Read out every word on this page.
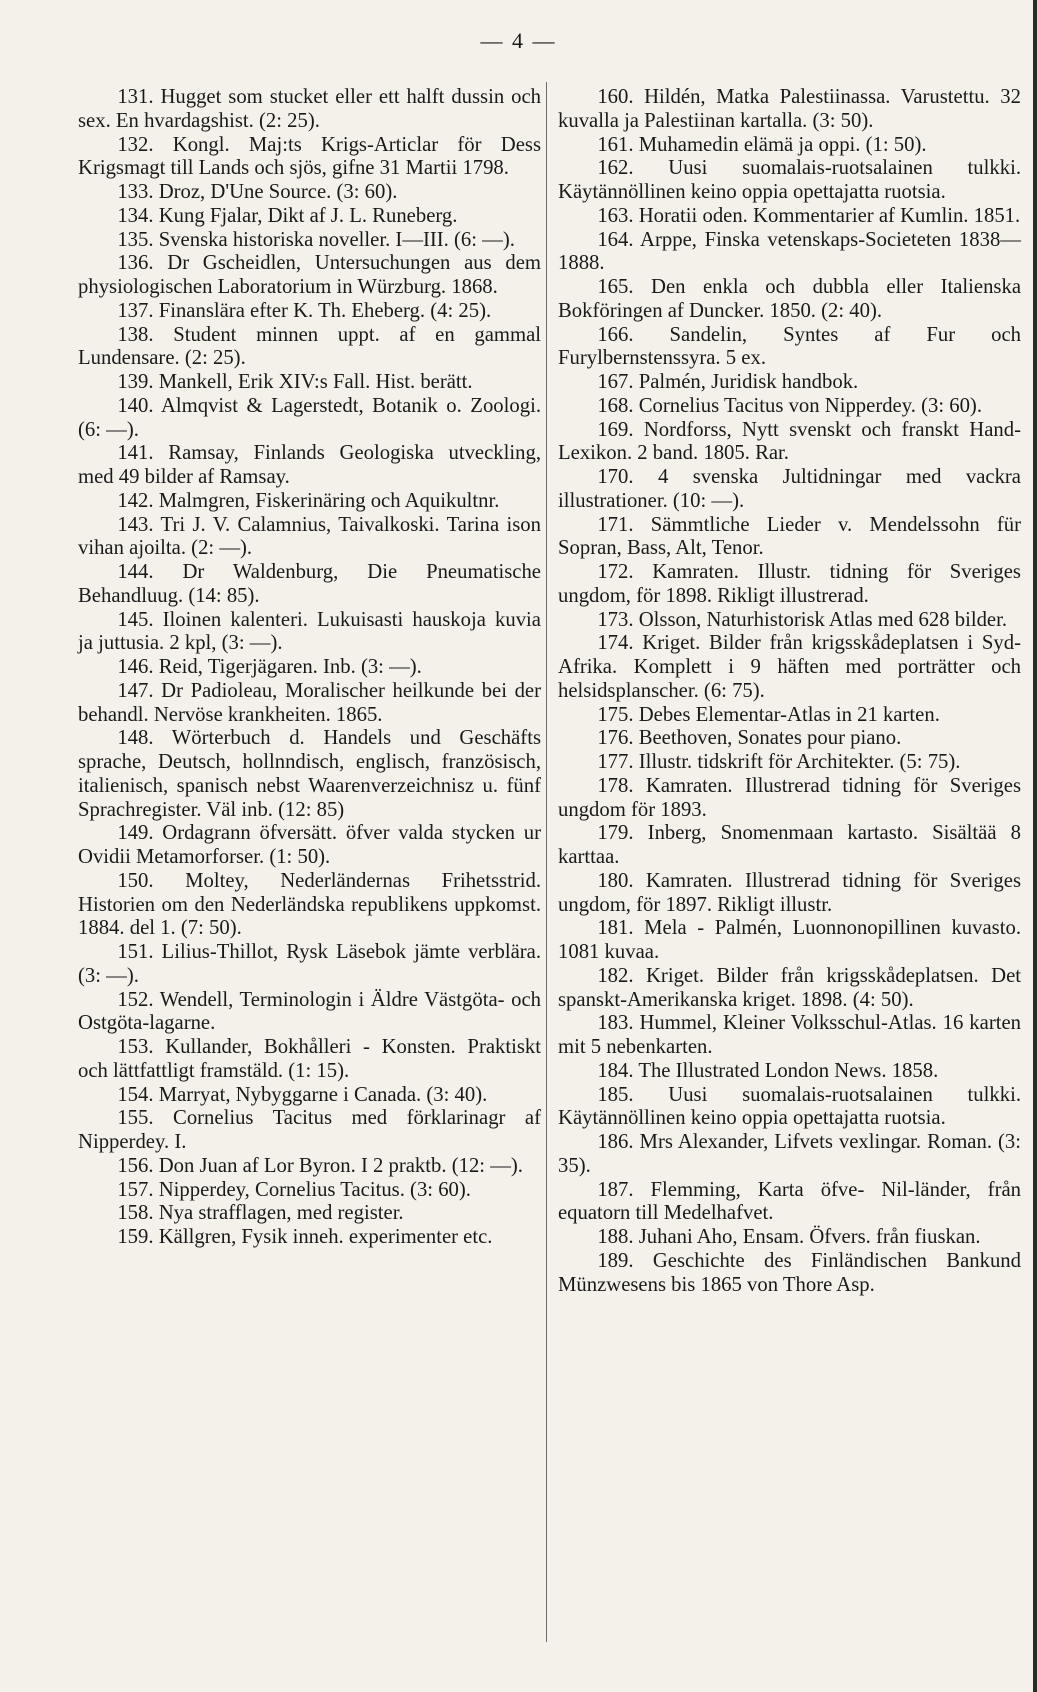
— 4 —

131. Hugget som stucket eller ett halft dussin och sex. En hvardagshist. (2: 25).

132. Kongl. Maj:ts Krigs-Articlar för Dess Krigsmagt till Lands och sjös, gifne 31 Martii 1798.

133. Droz, D'Une Source. (3: 60).

134. Kung Fjalar, Dikt af J. L. Runeberg.

135. Svenska historiska noveller. I—III. (6: —).

136. Dr Gscheidlen, Untersuchungen aus dem physiologischen Laboratorium in Würzburg. 1868.

137. Finanslära efter K. Th. Eheberg. (4: 25).

138. Student minnen uppt. af en gammal Lundensare. (2: 25).

139. Mankell, Erik XIV:s Fall. Hist. berätt.

140. Almqvist & Lagerstedt, Botanik o. Zoologi. (6: —).

141. Ramsay, Finlands Geologiska utveckling, med 49 bilder af Ramsay.

142. Malmgren, Fiskerinäring och Aquikultnr.

143. Tri J. V. Calamnius, Taivalkoski. Tarina ison vihan ajoilta. (2: —).

144. Dr Waldenburg, Die Pneumatische Behandluug. (14: 85).

145. Iloinen kalenteri. Lukuisasti hauskoja kuvia ja juttusia. 2 kpl, (3: —).

146. Reid, Tigerjägaren. Inb. (3: —).

147. Dr Padioleau, Moralischer heilkunde bei der behandl. Nervöse krankheiten. 1865.

148. Wörterbuch d. Handels und Geschäfts sprache, Deutsch, hollnndisch, englisch, französisch, italienisch, spanisch nebst Waarenverzeichnisz u. fünf Sprachregister. Väl inb. (12: 85)

149. Ordagrann öfversätt. öfver valda stycken ur Ovidii Metamorforser. (1: 50).

150. Moltey, Nederländernas Frihetsstrid. Historien om den Nederländska republikens uppkomst. 1884. del 1. (7: 50).

151. Lilius-Thillot, Rysk Läsebok jämte verblära. (3: —).

152. Wendell, Terminologin i Äldre Västgöta- och Ostgöta-lagarne.

153. Kullander, Bokhålleri - Konsten. Praktiskt och lättfattligt framstäld. (1: 15).

154. Marryat, Nybyggarne i Canada. (3: 40).

155. Cornelius Tacitus med förklarinagr af Nipperdey. I.

156. Don Juan af Lor Byron. I 2 praktb. (12: —).

157. Nipperdey, Cornelius Tacitus. (3: 60).

158. Nya strafflagen, med register.

159. Källgren, Fysik inneh. experimenter etc.

160. Hildén, Matka Palestiinassa. Varustettu. 32 kuvalla ja Palestiinan kartalla. (3: 50).

161. Muhamedin elämä ja oppi. (1: 50).

162. Uusi suomalais-ruotsalainen tulkki. Käytännöllinen keino oppia opettajatta ruotsia.

163. Horatii oden. Kommentarier af Kumlin. 1851.

164. Arppe, Finska vetenskaps-Societeten 1838—1888.

165. Den enkla och dubbla eller Italienska Bokföringen af Duncker. 1850. (2: 40).

166. Sandelin, Syntes af Fur och Furylbernstenssyra. 5 ex.

167. Palmén, Juridisk handbok.

168. Cornelius Tacitus von Nipperdey. (3: 60).

169. Nordforss, Nytt svenskt och franskt Hand-Lexikon. 2 band. 1805. Rar.

170. 4 svenska Jultidningar med vackra illustrationer. (10: —).

171. Sämmtliche Lieder v. Mendelssohn für Sopran, Bass, Alt, Tenor.

172. Kamraten. Illustr. tidning för Sveriges ungdom, för 1898. Rikligt illustrerad.

173. Olsson, Naturhistorisk Atlas med 628 bilder.

174. Kriget. Bilder från krigsskådeplatsen i Syd-Afrika. Komplett i 9 häften med porträtter och helsidsplanscher. (6: 75).

175. Debes Elementar-Atlas in 21 karten.

176. Beethoven, Sonates pour piano.

177. Illustr. tidskrift för Architekter. (5: 75).

178. Kamraten. Illustrerad tidning för Sveriges ungdom för 1893.

179. Inberg, Snomenmaan kartasto. Sisältää 8 karttaa.

180. Kamraten. Illustrerad tidning för Sveriges ungdom, för 1897. Rikligt illustr.

181. Mela - Palmén, Luonnonopillinen kuvasto. 1081 kuvaa.

182. Kriget. Bilder från krigsskådeplatsen. Det spanskt-Amerikanska kriget. 1898. (4: 50).

183. Hummel, Kleiner Volksschul-Atlas. 16 karten mit 5 nebenkarten.

184. The Illustrated London News. 1858.

185. Uusi suomalais-ruotsalainen tulkki. Käytännöllinen keino oppia opettajatta ruotsia.

186. Mrs Alexander, Lifvets vexlingar. Roman. (3: 35).

187. Flemming, Karta öfve- Nil-länder, från equatorn till Medelhafvet.

188. Juhani Aho, Ensam. Öfvers. från fiuskan.

189. Geschichte des Finländischen Bankund Münzwesens bis 1865 von Thore Asp.
